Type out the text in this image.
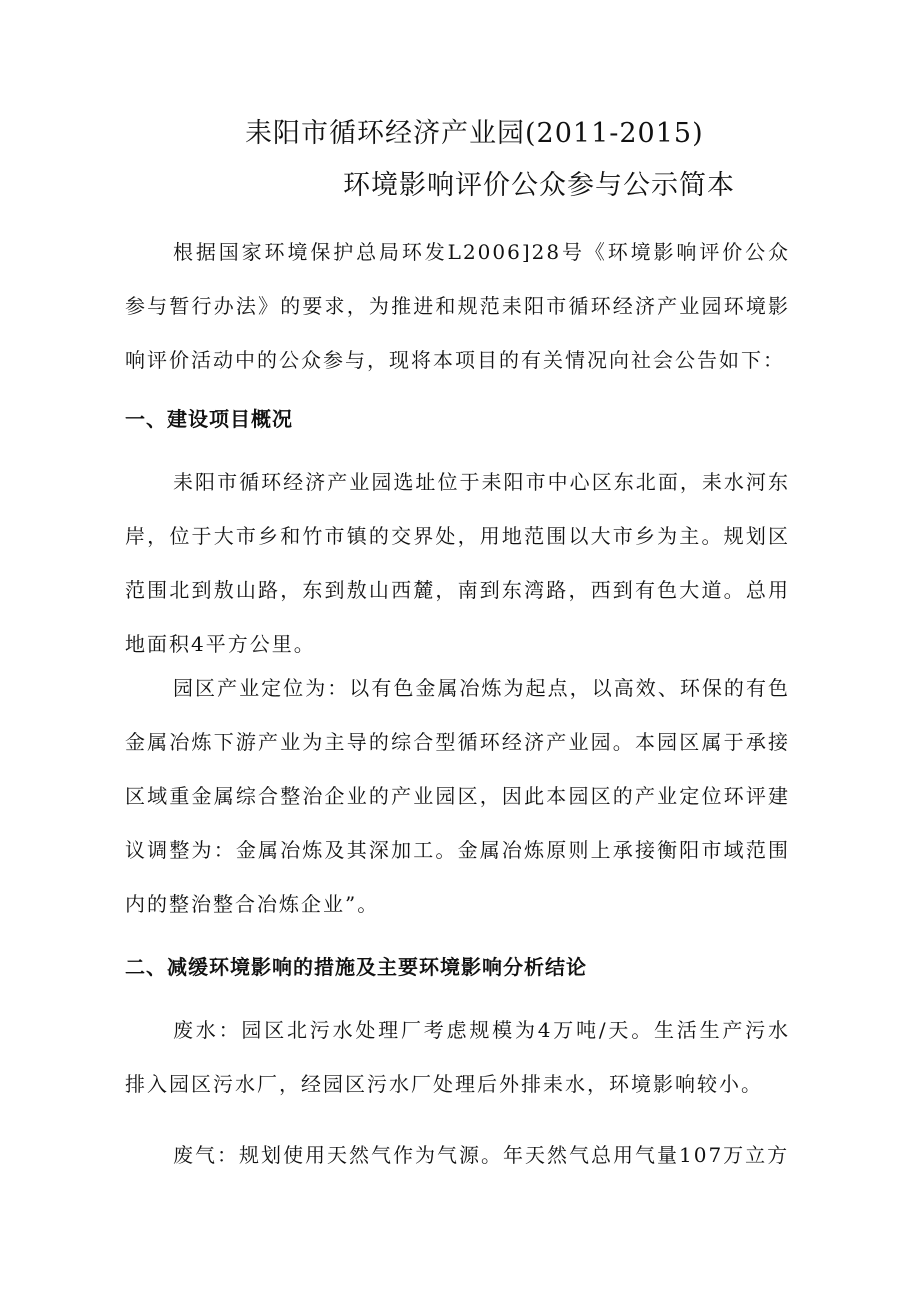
耒阳市循环经济产业园(2011-2015)
环境影响评价公众参与公示简本

根据国家环境保护总局环发L2006]28号《环境影响评价公众参与暂行办法》的要求，为推进和规范耒阳市循环经济产业园环境影响评价活动中的公众参与，现将本项目的有关情况向社会公告如下：

一、建设项目概况

耒阳市循环经济产业园选址位于耒阳市中心区东北面，耒水河东岸，位于大市乡和竹市镇的交界处，用地范围以大市乡为主。规划区范围北到敖山路，东到敖山西麓，南到东湾路，西到有色大道。总用地面积4平方公里。

园区产业定位为：以有色金属冶炼为起点，以高效、环保的有色金属冶炼下游产业为主导的综合型循环经济产业园。本园区属于承接区域重金属综合整治企业的产业园区，因此本园区的产业定位环评建议调整为：金属冶炼及其深加工。金属冶炼原则上承接衡阳市域范围内的整治整合冶炼企业”。

二、减缓环境影响的措施及主要环境影响分析结论

废水：园区北污水处理厂考虑规模为4万吨/天。生活生产污水排入园区污水厂，经园区污水厂处理后外排耒水，环境影响较小。

废气：规划使用天然气作为气源。年天然气总用气量107万立方
